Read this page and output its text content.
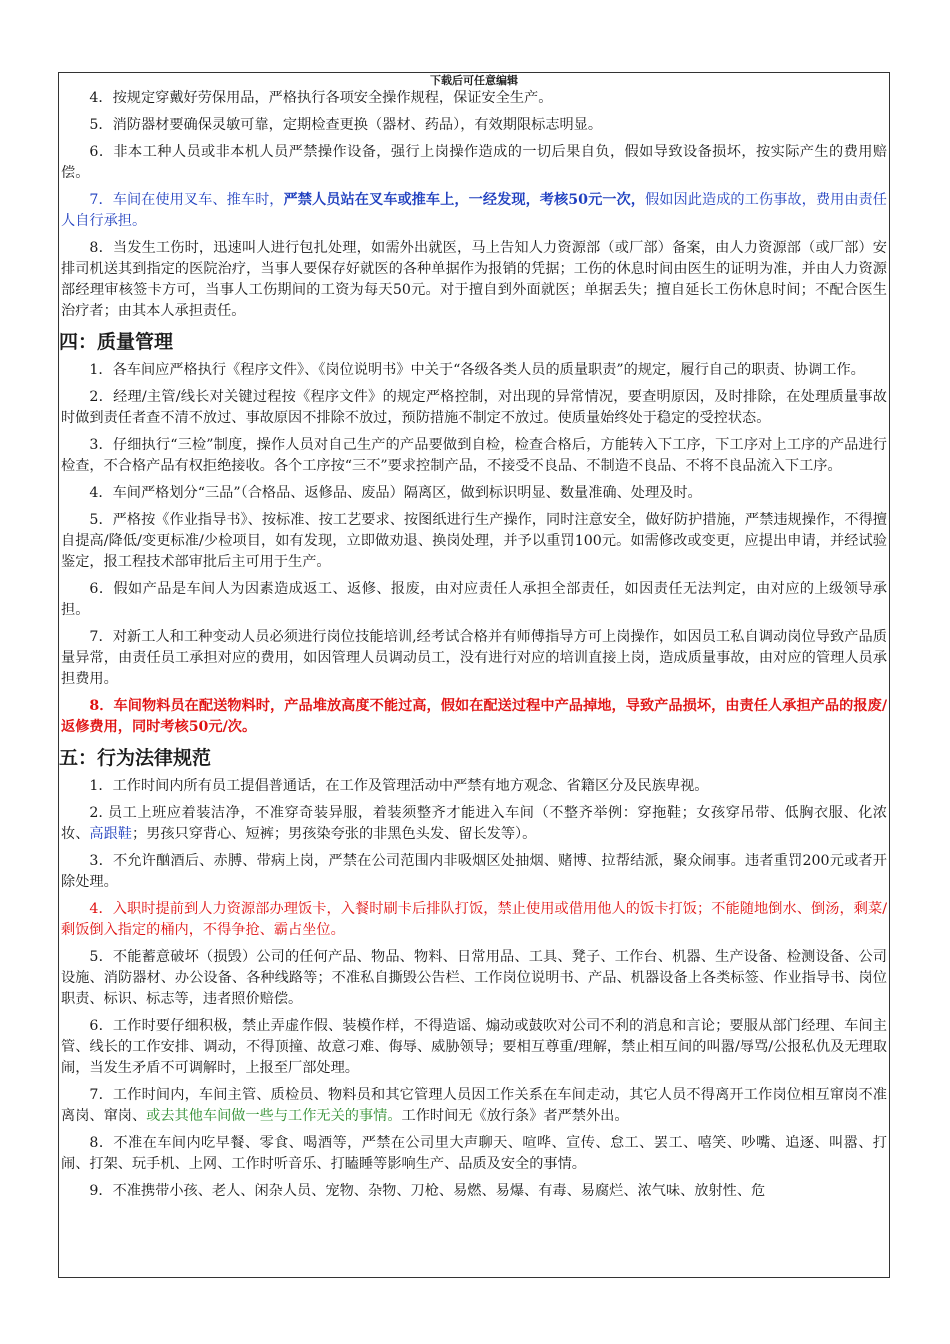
下载后可任意编辑
4．按规定穿戴好劳保用品，严格执行各项安全操作规程，保证安全生产。
5．消防器材要确保灵敏可靠，定期检查更换（器材、药品），有效期限标志明显。
6．非本工种人员或非本机人员严禁操作设备，强行上岗操作造成的一切后果自负，假如导致设备损坏，按实际产生的费用赔偿。
7．车间在使用叉车、推车时，严禁人员站在叉车或推车上，一经发现，考核50元一次，假如因此造成的工伤事故，费用由责任人自行承担。
8．当发生工伤时，迅速叫人进行包扎处理，如需外出就医，马上告知人力资源部（或厂部）备案，由人力资源部（或厂部）安排司机送其到指定的医院治疗，当事人要保存好就医的各种单据作为报销的凭据；工伤的休息时间由医生的证明为准，并由人力资源部经理审核签卡方可，当事人工伤期间的工资为每天50元。对于擅自到外面就医；单据丢失；擅自延长工伤休息时间；不配合医生治疗者；由其本人承担责任。
四：质量管理
1．各车间应严格执行《程序文件》、《岗位说明书》中关于“各级各类人员的质量职责”的规定，履行自己的职责、协调工作。
2．经理/主管/线长对关键过程按《程序文件》的规定严格控制，对出现的异常情况，要查明原因，及时排除，在处理质量事故时做到责任者查不清不放过、事故原因不排除不放过，预防措施不制定不放过。使质量始终处于稳定的受控状态。
3．仔细执行“三检”制度，操作人员对自己生产的产品要做到自检，检查合格后，方能转入下工序，下工序对上工序的产品进行检查，不合格产品有权拒绝接收。各个工序按“三不”要求控制产品，不接受不良品、不制造不良品、不将不良品流入下工序。
4．车间严格划分“三品”（合格品、返修品、废品）隔离区，做到标识明显、数量准确、处理及时。
5．严格按《作业指导书》、按标准、按工艺要求、按图纸进行生产操作，同时注意安全，做好防护措施，严禁违规操作，不得擅自提高/降低/变更标准/少检项目，如有发现，立即做劝退、换岗处理，并予以重罚100元。如需修改或变更，应提出申请，并经试验鉴定，报工程技术部审批后主可用于生产。
6．假如产品是车间人为因素造成返工、返修、报废，由对应责任人承担全部责任，如因责任无法判定，由对应的上级领导承担。
7．对新工人和工种变动人员必须进行岗位技能培训,经考试合格并有师傅指导方可上岗操作，如因员工私自调动岗位导致产品质量异常，由责任员工承担对应的费用，如因管理人员调动员工，没有进行对应的培训直接上岗，造成质量事故，由对应的管理人员承担费用。
8．车间物料员在配送物料时，产品堆放高度不能过高，假如在配送过程中产品掉地，导致产品损坏，由责任人承担产品的报废/返修费用，同时考核50元/次。
五：行为法律规范
1．工作时间内所有员工提倡普通话，在工作及管理活动中严禁有地方观念、省籍区分及民族卑视。
2. 员工上班应着装洁净，不准穿奇装异服，着装须整齐才能进入车间（不整齐举例：穿拖鞋；女孩穿吊带、低胸衣服、化浓妆、高跟鞋；男孩只穿背心、短裤；男孩染夸张的非黑色头发、留长发等）。
3．不允许酗酒后、赤膊、带病上岗，严禁在公司范围内非吸烟区处抽烟、赌博、拉帮结派，聚众闹事。违者重罚200元或者开除处理。
4．入职时提前到人力资源部办理饭卡，入餐时刷卡后排队打饭，禁止使用或借用他人的饭卡打饭；不能随地倒水、倒汤，剩菜/剩饭倒入指定的桶内，不得争抢、霸占坐位。
5．不能蓄意破坏（损毁）公司的任何产品、物品、物料、日常用品、工具、凳子、工作台、机器、生产设备、检测设备、公司设施、消防器材、办公设备、各种线路等；不准私自撕毁公告栏、工作岗位说明书、产品、机器设备上各类标签、作业指导书、岗位职责、标识、标志等，违者照价赔偿。
6．工作时要仔细积极，禁止弄虚作假、装模作样，不得造谣、煽动或鼓吹对公司不利的消息和言论；要服从部门经理、车间主管、线长的工作安排、调动，不得顶撞、故意刁难、侮辱、威胁领导；要相互尊重/理解，禁止相互间的叫嚣/辱骂/公报私仇及无理取闹，当发生矛盾不可调解时，上报至厂部处理。
7．工作时间内，车间主管、质检员、物料员和其它管理人员因工作关系在车间走动，其它人员不得离开工作岗位相互窜岗不准离岗、窜岗、或去其他车间做一些与工作无关的事情。工作时间无《放行条》者严禁外出。
8．不准在车间内吃早餐、零食、喝酒等，严禁在公司里大声聊天、喧哗、宣传、怠工、罢工、嘻笑、吵嘴、追逐、叫嚣、打闹、打架、玩手机、上网、工作时听音乐、打瞌睡等影响生产、品质及安全的事情。
9．不准携带小孩、老人、闲杂人员、宠物、杂物、刀枪、易燃、易爆、有毒、易腐烂、浓气味、放射性、危
